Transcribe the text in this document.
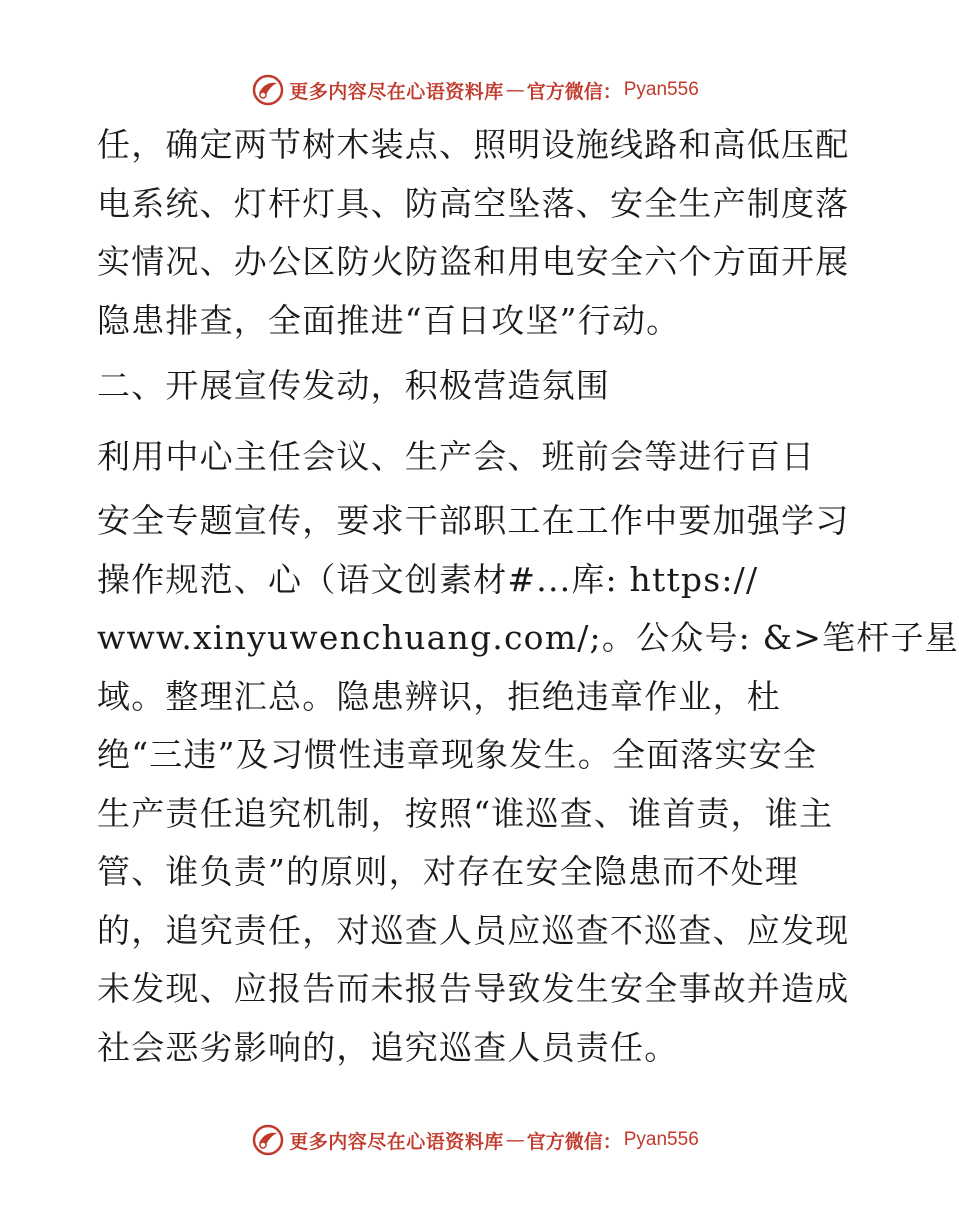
更多内容尽在心语资料库 — 官方微信： Pyan556
任，确定两节树木装点、照明设施线路和高低压配
电系统、灯杆灯具、防高空坠落、安全生产制度落
实情况、办公区防火防盗和用电安全六个方面开展
隐患排查，全面推进“百日攻坚”行动。
二、开展宣传发动，积极营造氛围
利用中心主任会议、生产会、班前会等进行百日
安全专题宣传，要求干部职工在工作中要加强学习
操作规范、心（语文创素材#...库: https://
www.xinyuwenchuang.com/;。公众号: &>笔杆子星
域。整理汇总。隐患辨识，拒绝违章作业，杜
绝“三违”及习惯性违章现象发生。全面落实安全
生产责任追究机制，按照“谁巡查、谁首责，谁主
管、谁负责”的原则，对存在安全隐患而不处理
的，追究责任，对巡查人员应巡查不巡查、应发现
未发现、应报告而未报告导致发生安全事故并造成
社会恶劣影响的，追究巡查人员责任。
更多内容尽在心语资料库 — 官方微信： Pyan556
